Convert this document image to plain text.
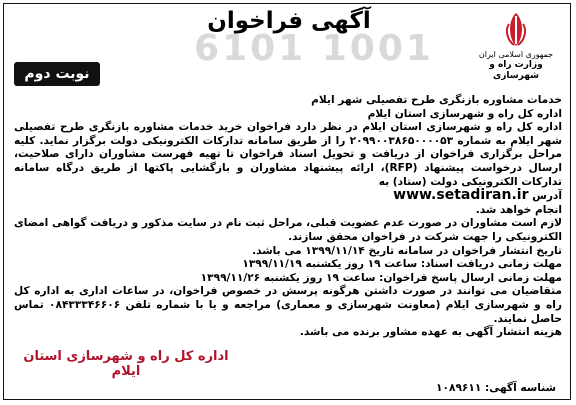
6101 1001
آگهی فراخوان
نوبت دوم
جمهوری اسلامی ایران
وزارت راه و شهرسازی

خدمات مشاوره بازنگری طرح تفصیلی شهر ایلام

اداره کل راه و شهرسازی استان ایلام

اداره کل راه و شهرسازی استان ایلام در نظر دارد فراخوان خرید خدمات مشاوره بازنگری طرح تفصیلی شهر ایلام به شماره ۲۰۹۹۰۰۳۸۶۵۰۰۰۰۵۳ را از طریق سامانه تدارکات الکترونیکی دولت برگزار نماید. کلیه مراحل برگزاری فراخوان از دریافت و تحویل اسناد فراخوان تا تهیه فهرست مشاوران دارای صلاحیت، ارسال درخواست پیشنهاد (RFP)، ارائه پیشنهاد مشاوران و بازگشایی پاکتها از طریق درگاه سامانه تدارکات الکترونیکی دولت (ستاد) به

www.setadiran.ir آدرس

انجام خواهد شد.

لازم است مشاوران در صورت عدم عضویت قبلی، مراحل ثبت نام در سایت مذکور و دریافت گواهی امضای الکترونیکی را جهت شرکت در فراخوان محقق سازند.

تاریخ انتشار فراخوان در سامانه تاریخ ۱۳۹۹/۱۱/۱۴ می باشد.

مهلت زمانی دریافت اسناد: ساعت ۱۹ روز یکشنبه ۱۳۹۹/۱۱/۱۹

مهلت زمانی ارسال پاسخ فراخوان: ساعت ۱۹ روز یکشنبه ۱۳۹۹/۱۱/۲۶

متقاضیان می توانند در صورت داشتن هرگونه پرسش در خصوص فراخوان، در ساعات اداری به اداره کل راه و شهرسازی ایلام (معاونت شهرسازی و معماری) مراجعه و یا با شماره تلفن ۰۸۴۳۳۳۴۶۶۰۶ تماس حاصل نمایند.

هزینه انتشار آگهی به عهده مشاور برنده می باشد.

اداره کل راه و شهرسازی استان ایلام
شناسه آگهی: ۱۰۸۹۶۱۱
